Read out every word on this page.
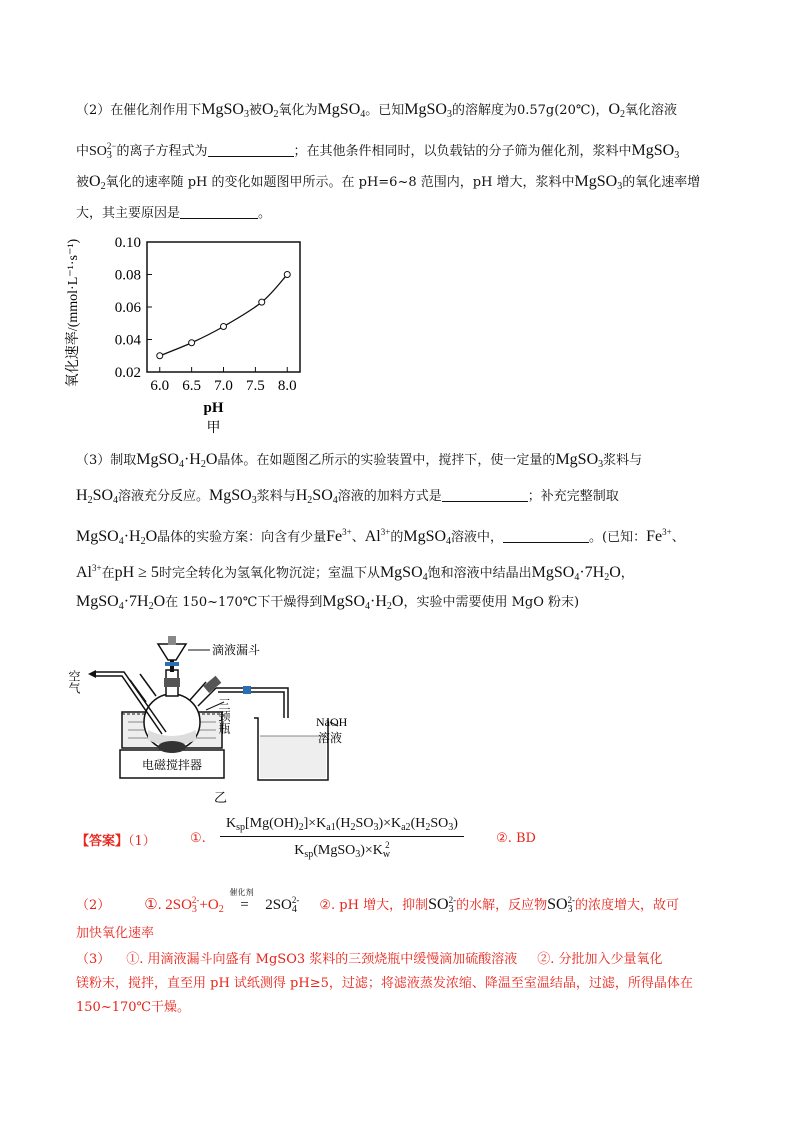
（2）在催化剂作用下MgSO$_3$被$O_2$氧化为MgSO$_4$。已知MgSO$_3$的溶解度为0.57g(20℃)，$O_2$氧化溶液
中$SO_3^{2-}$的离子方程式为	；在其他条件相同时，以负载钴的分子筛为催化剂，浆料中MgSO$_3$
被$O_2$氧化的速率随 pH 的变化如题图甲所示。在 pH=6~8 范围内，pH 增大，浆料中MgSO$_3$的氧化速率增
大，其主要原因是	。
6.0 6.5 7.0 7.5 8.0
0.02
0.04
0.06
0.08
0.10
pH
甲
氧化速率/(mmol·L⁻¹·s⁻¹)
（3）制取$MgSO_4\cdot H_2O$晶体。在如题图乙所示的实验装置中，搅拌下，使一定量的MgSO$_3$浆料与
$H_2SO_4$溶液充分反应。MgSO$_3$浆料与$H_2SO_4$溶液的加料方式是	；补充完整制取
$MgSO_4\cdot H_2O$晶体的实验方案：向含有少量$Fe^{3+}$、$Al^{3+}$的MgSO$_4$溶液中，	。(已知：$Fe^{3+}$、
$Al^{3+}$在pH ≥ 5时完全转化为氢氧化物沉淀；室温下从MgSO$_4$饱和溶液中结晶出$MgSO_4\cdot 7H_2O$，
$MgSO_4\cdot 7H_2O$在 150~170℃下干燥得到$MgSO_4\cdot H_2O$，实验中需要使用 MgO 粉末)
电磁搅拌器
空气
滴液漏斗
三颈瓶	NaOH
溶液
乙
【答案】（1）	①. $\frac{K_{sp}[Mg(OH)_2]\times K_{a1}(H_2SO_3)\times K_{a2}(H_2SO_3)}{K_{sp}(MgSO_3)\times K_w^2}$ ②. BD
（2） ①. $2SO_3^{2-}+O_2$
催化剂
= $2SO_4^{2-}$ ②. pH 增大，抑制$SO_3^{2-}$的水解，反应物$SO_3^{2-}$的浓度增大，故可
加快氧化速率
（3） ①. 用滴液漏斗向盛有 MgSO3 浆料的三颈烧瓶中缓慢滴加硫酸溶液 ②. 分批加入少量氧化
镁粉末，搅拌，直至用 pH 试纸测得 pH≥5，过滤；将滤液蒸发浓缩、降温至室温结晶，过滤，所得晶体在
150~170℃干燥。
